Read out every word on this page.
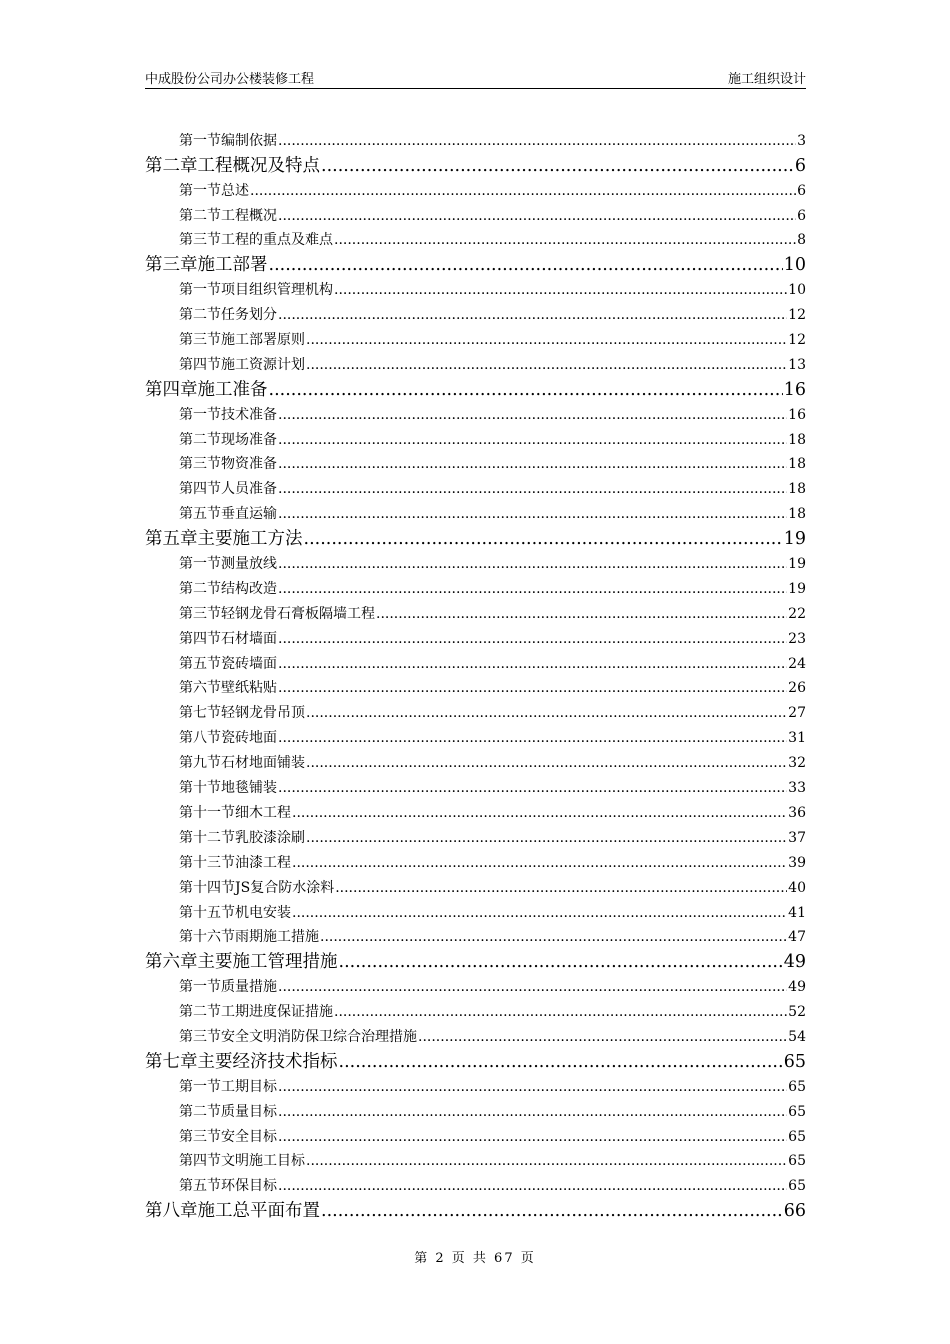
中成股份公司办公楼装修工程	施工组织设计
第一节 编制依据 .....	3
第二章 工程概况及特点 .....	6
第一节 总述 .....	6
第二节 工程概况 .....	6
第三节 工程的重点及难点 .....	8
第三章 施工部署 .....	10
第一节 项目组织管理机构 .....	10
第二节 任务划分 .....	12
第三节 施工部署原则 .....	12
第四节 施工资源计划 .....	13
第四章 施工准备 .....	16
第一节 技术准备 .....	16
第二节 现场准备 .....	18
第三节 物资准备 .....	18
第四节 人员准备 .....	18
第五节 垂直运输 .....	18
第五章 主要施工方法 .....	19
第一节 测量放线 .....	19
第二节 结构改造 .....	19
第三节 轻钢龙骨石膏板隔墙工程 .....	22
第四节 石材墙面 .....	23
第五节 瓷砖墙面 .....	24
第六节 壁纸粘贴 .....	26
第七节 轻钢龙骨吊顶 .....	27
第八节 瓷砖地面 .....	31
第九节 石材地面铺装 .....	32
第十节 地毯铺装 .....	33
第十一节 细木工程 .....	36
第十二节 乳胶漆涂刷 .....	37
第十三节 油漆工程 .....	39
第十四节 JS复合防水涂料 .....	40
第十五节 机电安装 .....	41
第十六节 雨期施工措施 .....	47
第六章 主要施工管理措施 .....	49
第一节 质量措施 .....	49
第二节 工期进度保证措施 .....	52
第三节 安全文明消防保卫综合治理措施 .....	54
第七章 主要经济技术指标 .....	65
第一节 工期目标 .....	65
第二节 质量目标 .....	65
第三节 安全目标 .....	65
第四节 文明施工目标 .....	65
第五节 环保目标 .....	65
第八章 施工总平面布置 .....	66
第 2 页 共 67 页
